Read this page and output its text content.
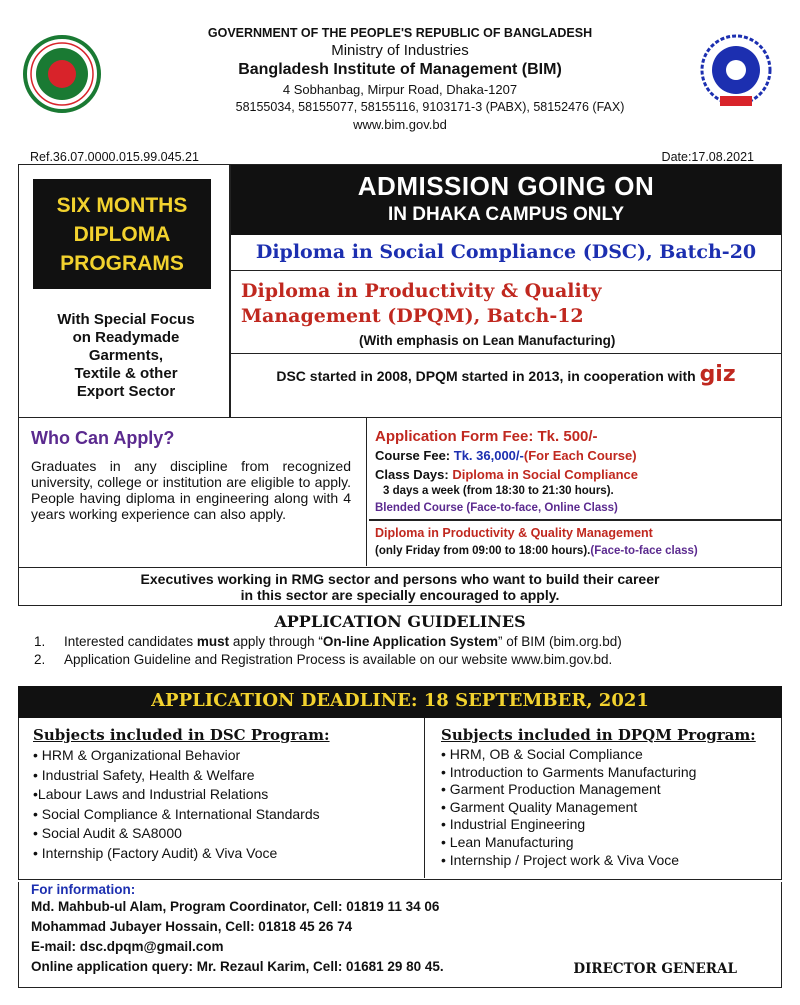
GOVERNMENT OF THE PEOPLE'S REPUBLIC OF BANGLADESH
Ministry of Industries
Bangladesh Institute of Management (BIM)
4 Sobhanbag, Mirpur Road, Dhaka-1207
58155034, 58155077, 58155116, 9103171-3 (PABX), 58152476 (FAX)
www.bim.gov.bd
Ref.36.07.0000.015.99.045.21	Date:17.08.2021
SIX MONTHS
DIPLOMA
PROGRAMS
With Special Focus
on Readymade
Garments,
Textile & other
Export Sector
ADMISSION GOING ON
IN DHAKA CAMPUS ONLY
Diploma in Social Compliance (DSC), Batch-20
Diploma in Productivity & Quality
Management (DPQM), Batch-12
(With emphasis on Lean Manufacturing)
DSC started in 2008, DPQM started in 2013, in cooperation with giz
Who Can Apply?
Graduates in any discipline from recognized university, college or institution are eligible to apply. People having diploma in engineering along with 4 years working experience can also apply.
Application Form Fee: Tk. 500/-
Course Fee: Tk. 36,000/-(For Each Course)
Class Days: Diploma in Social Compliance
3 days a week (from 18:30 to 21:30 hours).
Blended Course (Face-to-face, Online Class)
Diploma in Productivity & Quality Management
(only Friday from 09:00 to 18:00 hours).(Face-to-face class)
Executives working in RMG sector and persons who want to build their career
in this sector are specially encouraged to apply.
APPLICATION GUIDELINES
1. Interested candidates must apply through “On-line Application System” of BIM (bim.org.bd)
2. Application Guideline and Registration Process is available on our website www.bim.gov.bd.
APPLICATION DEADLINE: 18 SEPTEMBER, 2021
Subjects included in DSC Program:
• HRM & Organizational Behavior
• Industrial Safety, Health & Welfare
•Labour Laws and Industrial Relations
• Social Compliance & International Standards
• Social Audit & SA8000
• Internship (Factory Audit) & Viva Voce
Subjects included in DPQM Program:
• HRM, OB & Social Compliance
• Introduction to Garments Manufacturing
• Garment Production Management
• Garment Quality Management
• Industrial Engineering
• Lean Manufacturing
• Internship / Project work & Viva Voce
For information:
Md. Mahbub-ul Alam, Program Coordinator, Cell: 01819 11 34 06
Mohammad Jubayer Hossain, Cell: 01818 45 26 74
E-mail: dsc.dpqm@gmail.com
Online application query: Mr. Rezaul Karim, Cell: 01681 29 80 45.	DIRECTOR GENERAL
